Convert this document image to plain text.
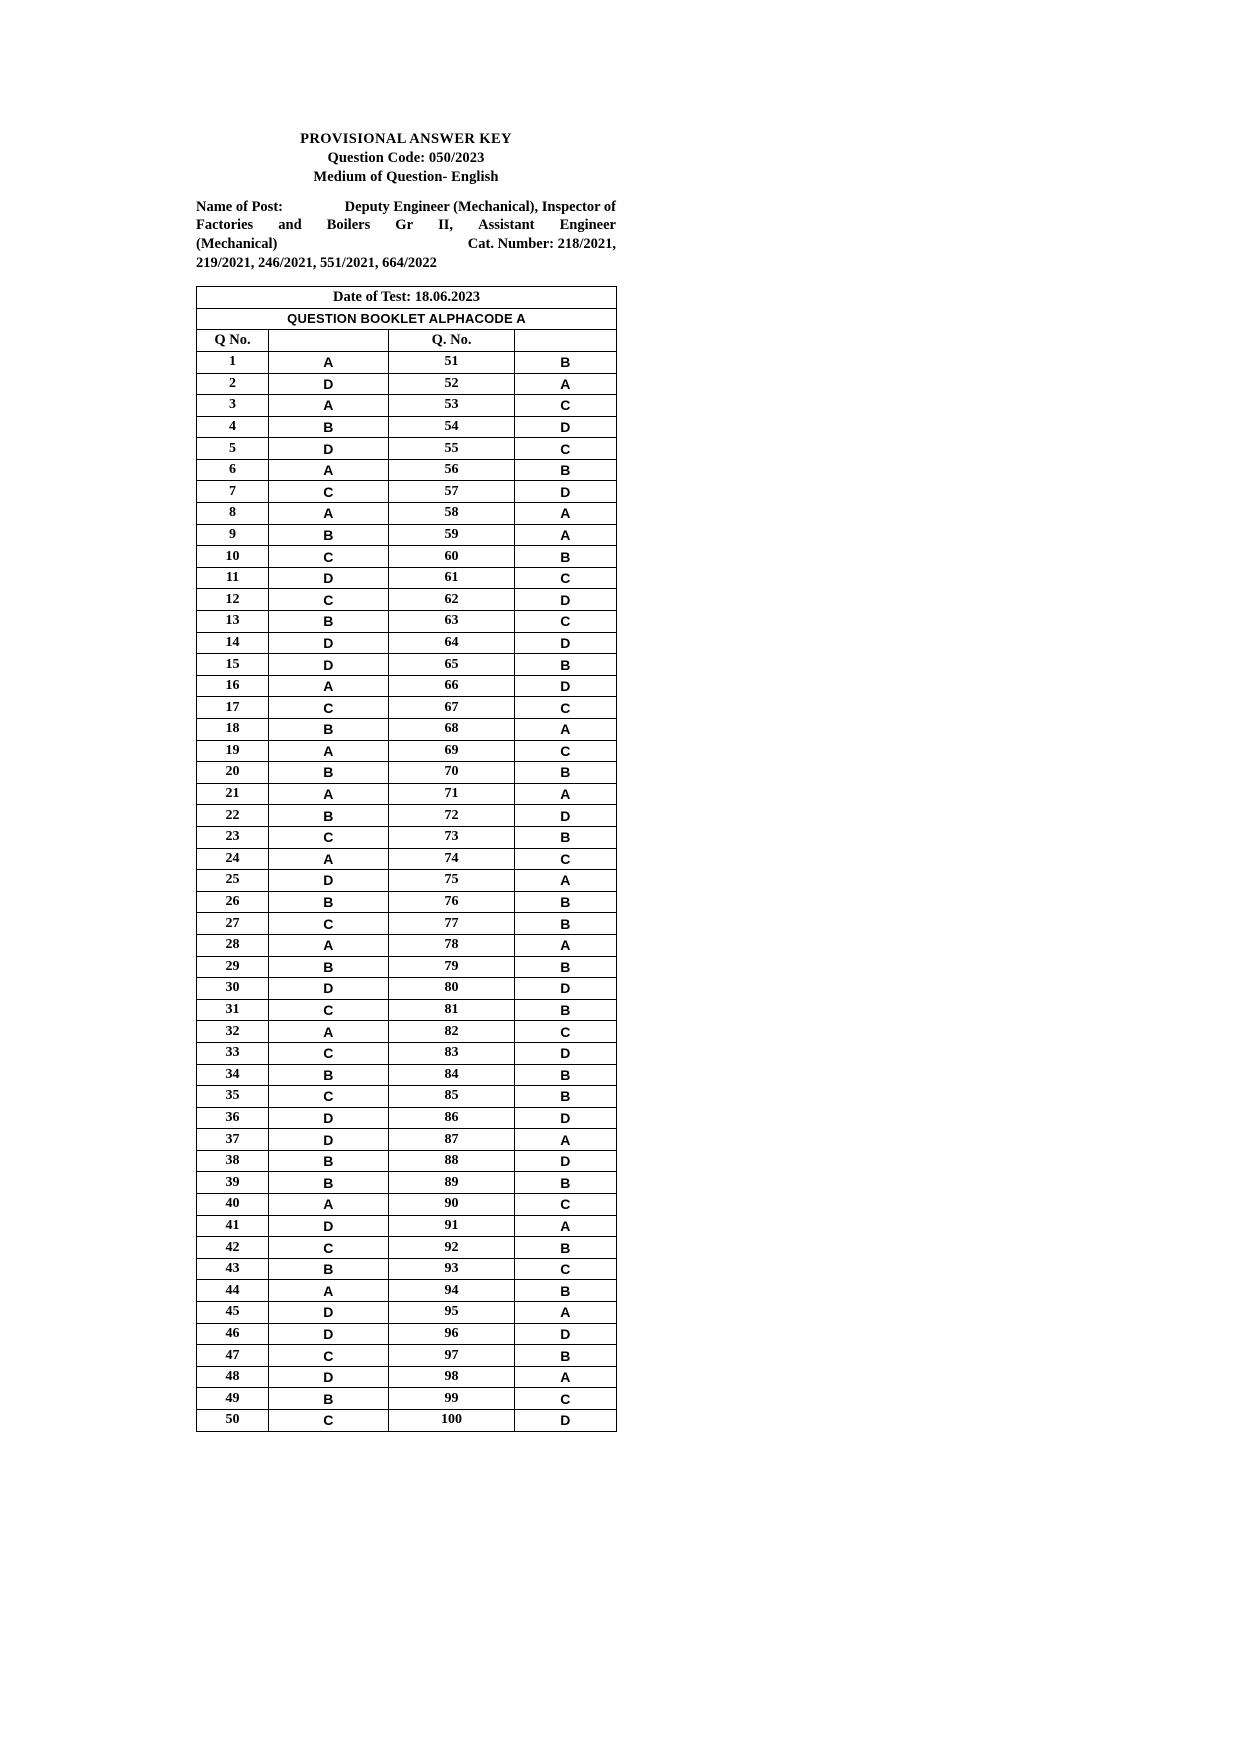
PROVISIONAL ANSWER KEY
Question Code: 050/2023
Medium of Question- English
Name of Post:	Deputy Engineer (Mechanical), Inspector of
Factories and Boilers Gr II, Assistant Engineer
(Mechanical)	Cat. Number: 218/2021,
219/2021, 246/2021, 551/2021, 664/2022
Date of Test: 18.06.2023			
QUESTION BOOKLET ALPHACODE A			
Q No.		Q. No.	
1	A	51	B
2	D	52	A
3	A	53	C
4	B	54	D
5	D	55	C
6	A	56	B
7	C	57	D
8	A	58	A
9	B	59	A
10	C	60	B
11	D	61	C
12	C	62	D
13	B	63	C
14	D	64	D
15	D	65	B
16	A	66	D
17	C	67	C
18	B	68	A
19	A	69	C
20	B	70	B
21	A	71	A
22	B	72	D
23	C	73	B
24	A	74	C
25	D	75	A
26	B	76	B
27	C	77	B
28	A	78	A
29	B	79	B
30	D	80	D
31	C	81	B
32	A	82	C
33	C	83	D
34	B	84	B
35	C	85	B
36	D	86	D
37	D	87	A
38	B	88	D
39	B	89	B
40	A	90	C
41	D	91	A
42	C	92	B
43	B	93	C
44	A	94	B
45	D	95	A
46	D	96	D
47	C	97	B
48	D	98	A
49	B	99	C
50	C	100	D
